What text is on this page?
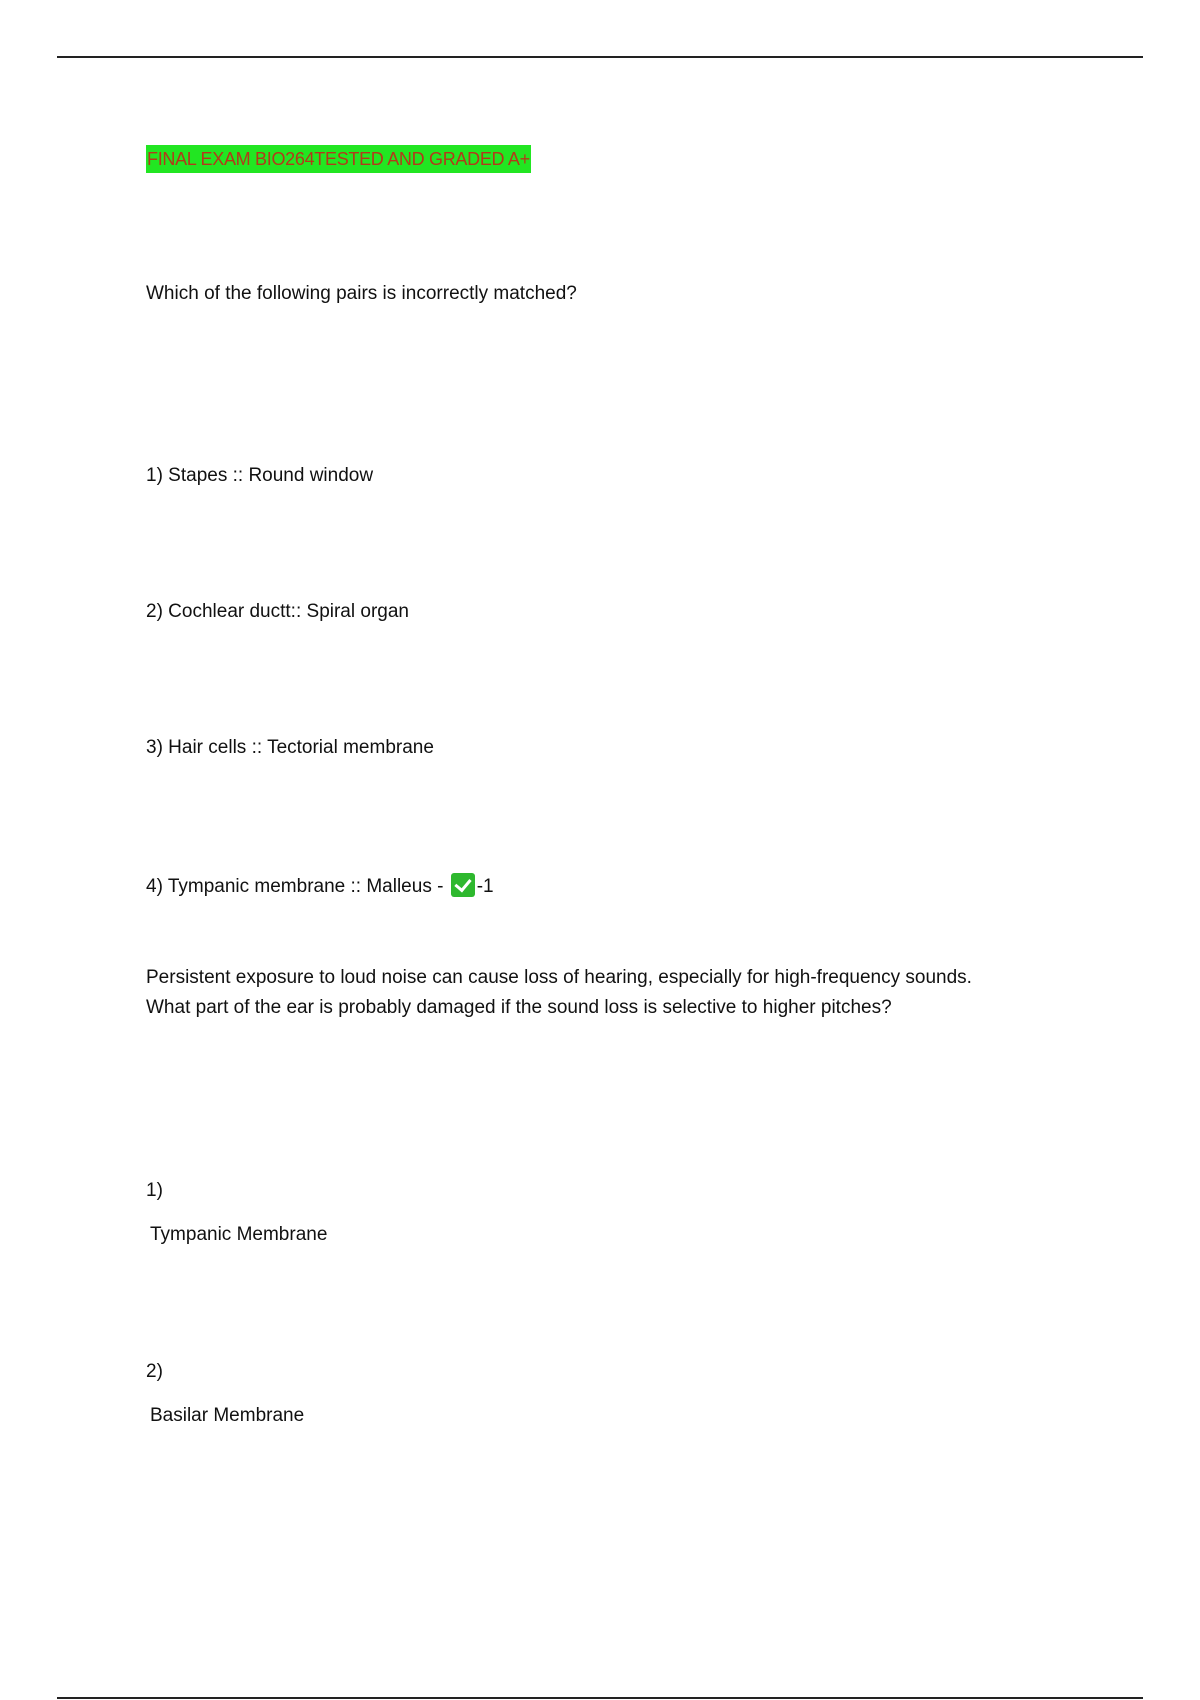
FINAL EXAM BIO264TESTED AND GRADED A+
Which of the following pairs is incorrectly matched?
1) Stapes :: Round window
2) Cochlear ductt:: Spiral organ
3) Hair cells :: Tectorial membrane
4) Tympanic membrane :: Malleus - -1
Persistent exposure to loud noise can cause loss of hearing, especially for high-frequency sounds.
What part of the ear is probably damaged if the sound loss is selective to higher pitches?
1)
Tympanic Membrane
2)
Basilar Membrane
